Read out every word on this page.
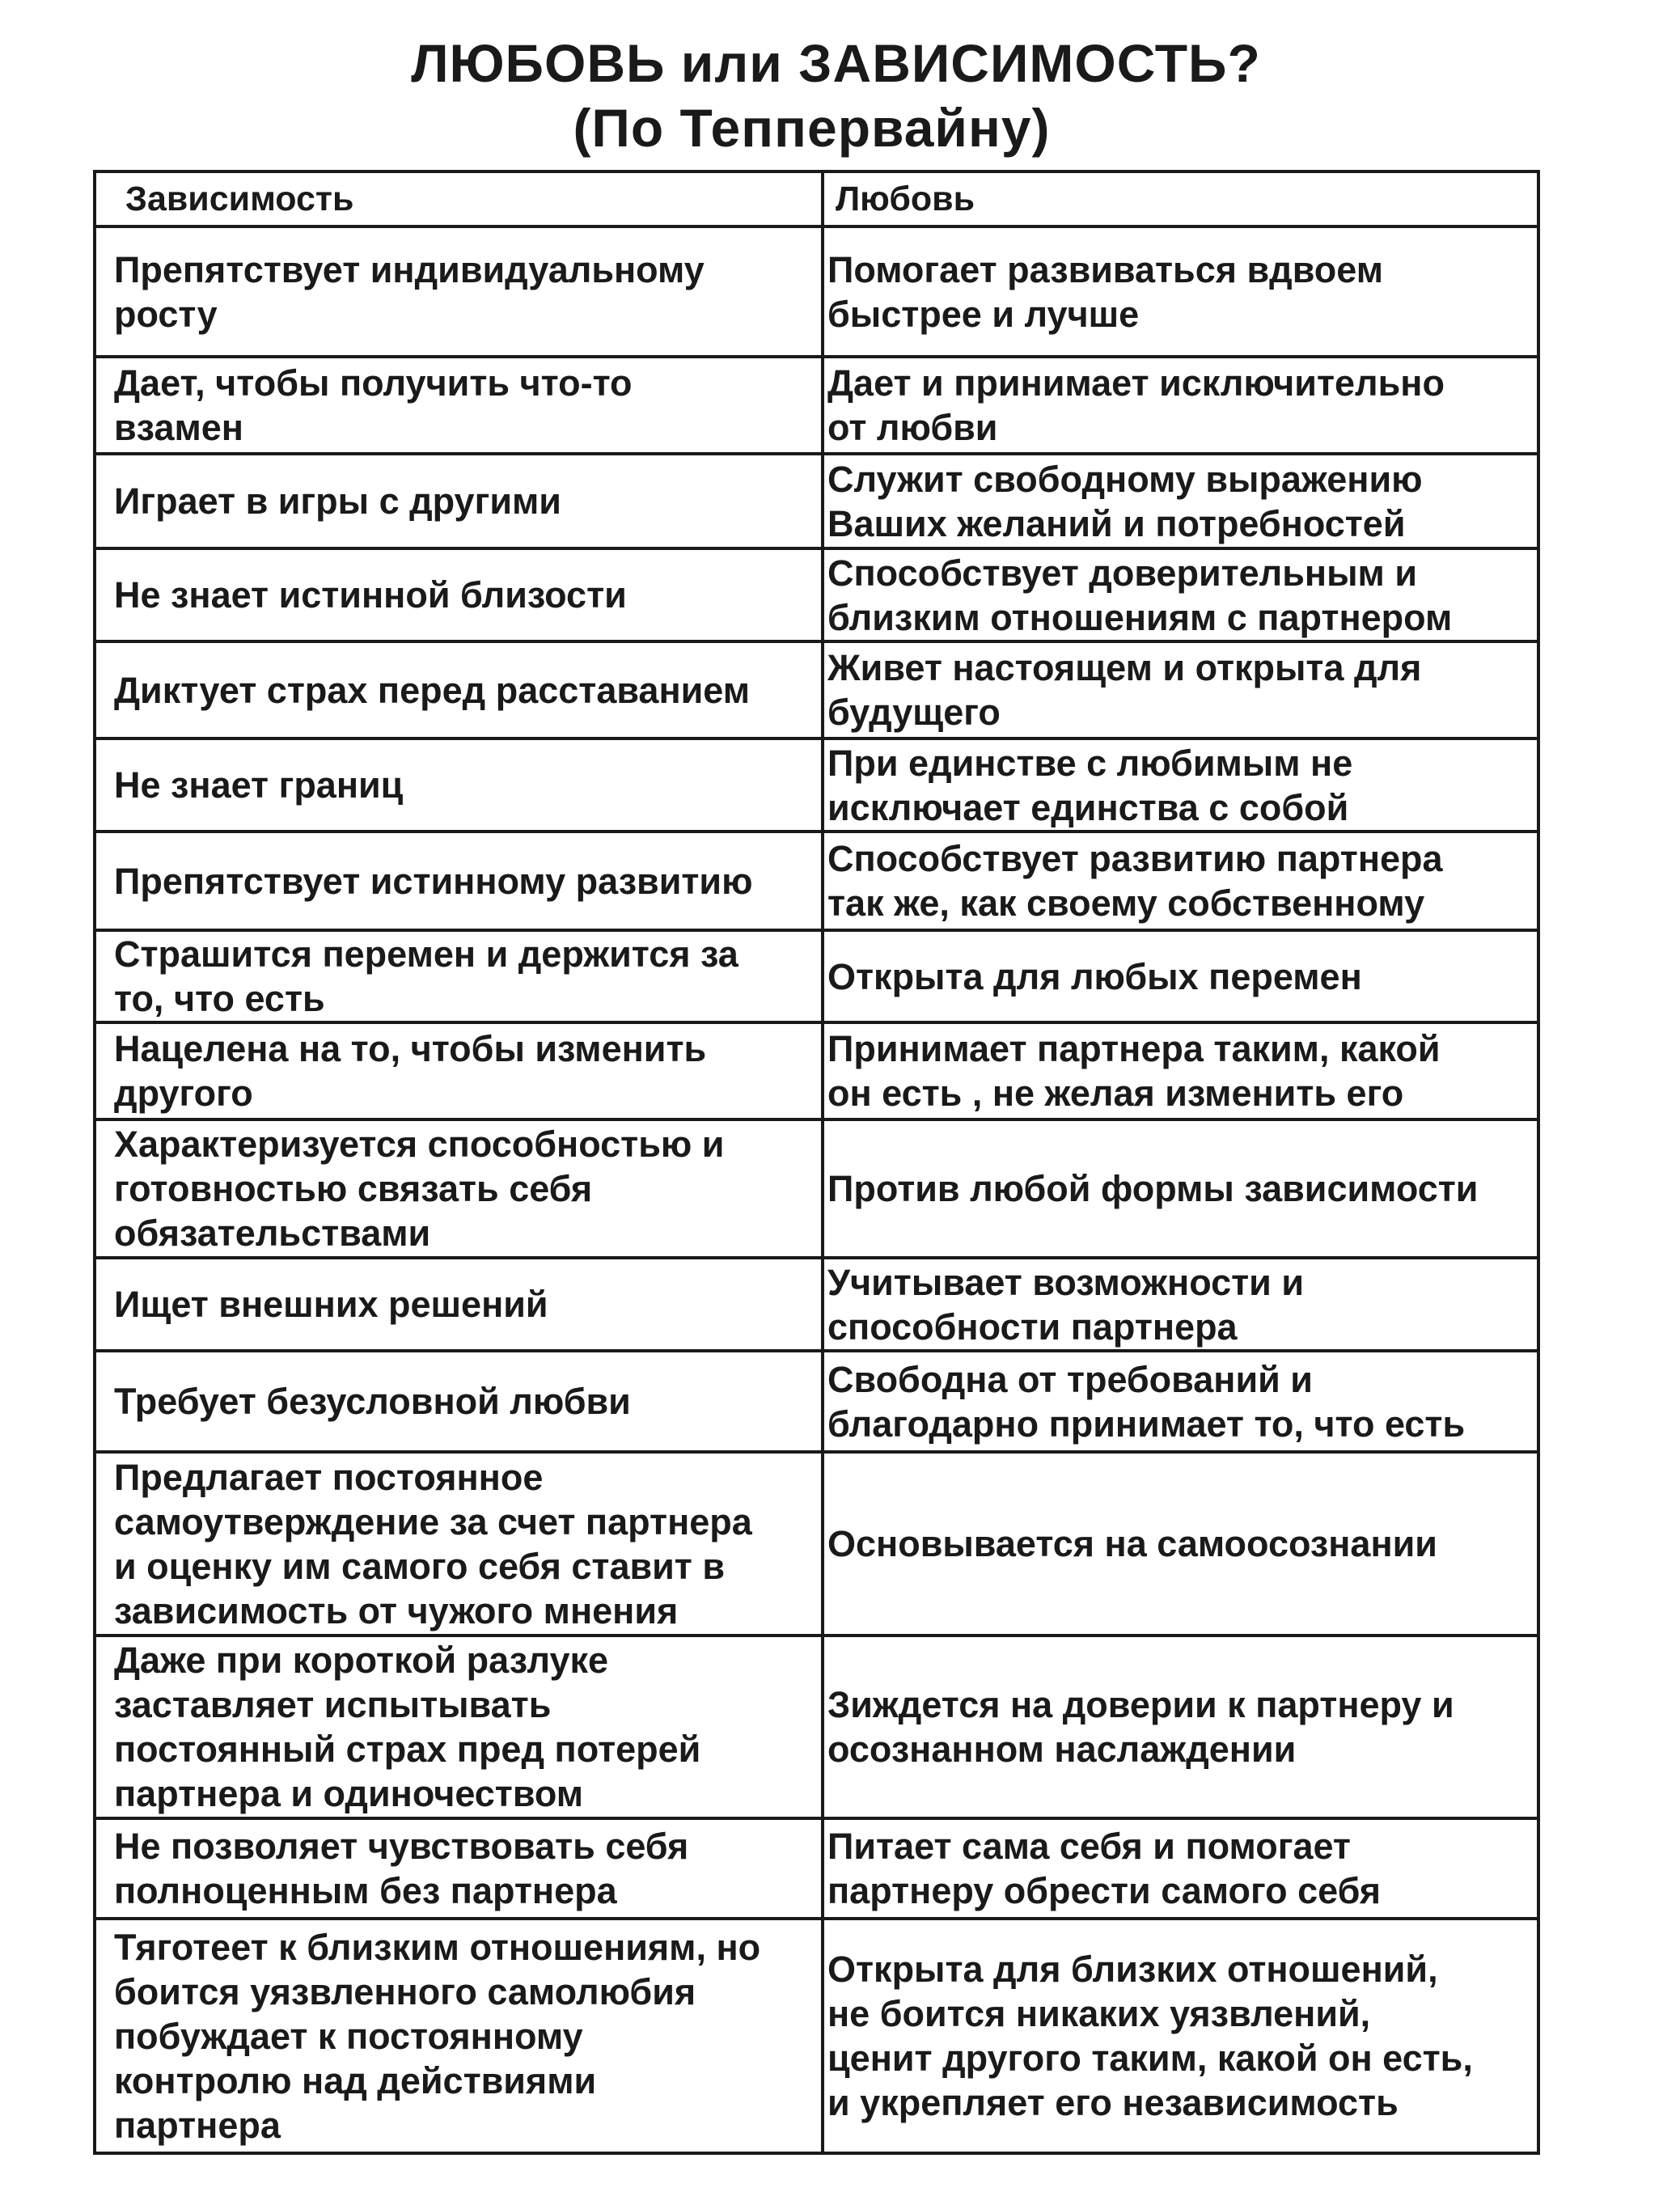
ЛЮБОВЬ или ЗАВИСИМОСТЬ?
(По Теппервайну)
Зависимость	Любовь

Препятствует индивидуальному
росту	Помогает развиваться вдвоем
быстрее и лучше

Дает, чтобы получить что-то
взамен	Дает и принимает исключительно
от любви

Играет в игры с другими	Служит свободному выражению
Ваших желаний и потребностей

Не знает истинной близости	Способствует доверительным и
близким отношениям с партнером

Диктует страх перед расставанием	Живет настоящем и открыта для
будущего

Не знает границ	При единстве с любимым не
исключает единства с собой

Препятствует истинному развитию	Способствует развитию партнера
так же, как своему собственному

Страшится перемен и держится за
то, что есть	Открыта для любых перемен

Нацелена на то, чтобы изменить
другого	Принимает партнера таким, какой
он есть , не желая изменить его

Характеризуется способностью и
готовностью связать себя
обязательствами	Против любой формы зависимости

Ищет внешних решений	Учитывает возможности и
способности партнера

Требует безусловной любви	Свободна от требований и
благодарно принимает то, что есть

Предлагает постоянное
самоутверждение за счет партнера
и оценку им самого себя ставит в
зависимость от чужого мнения	Основывается на самоосознании

Даже при короткой разлуке
заставляет испытывать
постоянный страх пред потерей
партнера и одиночеством	Зиждется на доверии к партнеру и
осознанном наслаждении

Не позволяет чувствовать себя
полноценным без партнера	Питает сама себя и помогает
партнеру обрести самого себя

Тяготеет к близким отношениям, но
боится уязвленного самолюбия
побуждает к постоянному
контролю над действиями
партнера	Открыта для близких отношений,
не боится никаких уязвлений,
ценит другого таким, какой он есть,
и укрепляет его независимость
